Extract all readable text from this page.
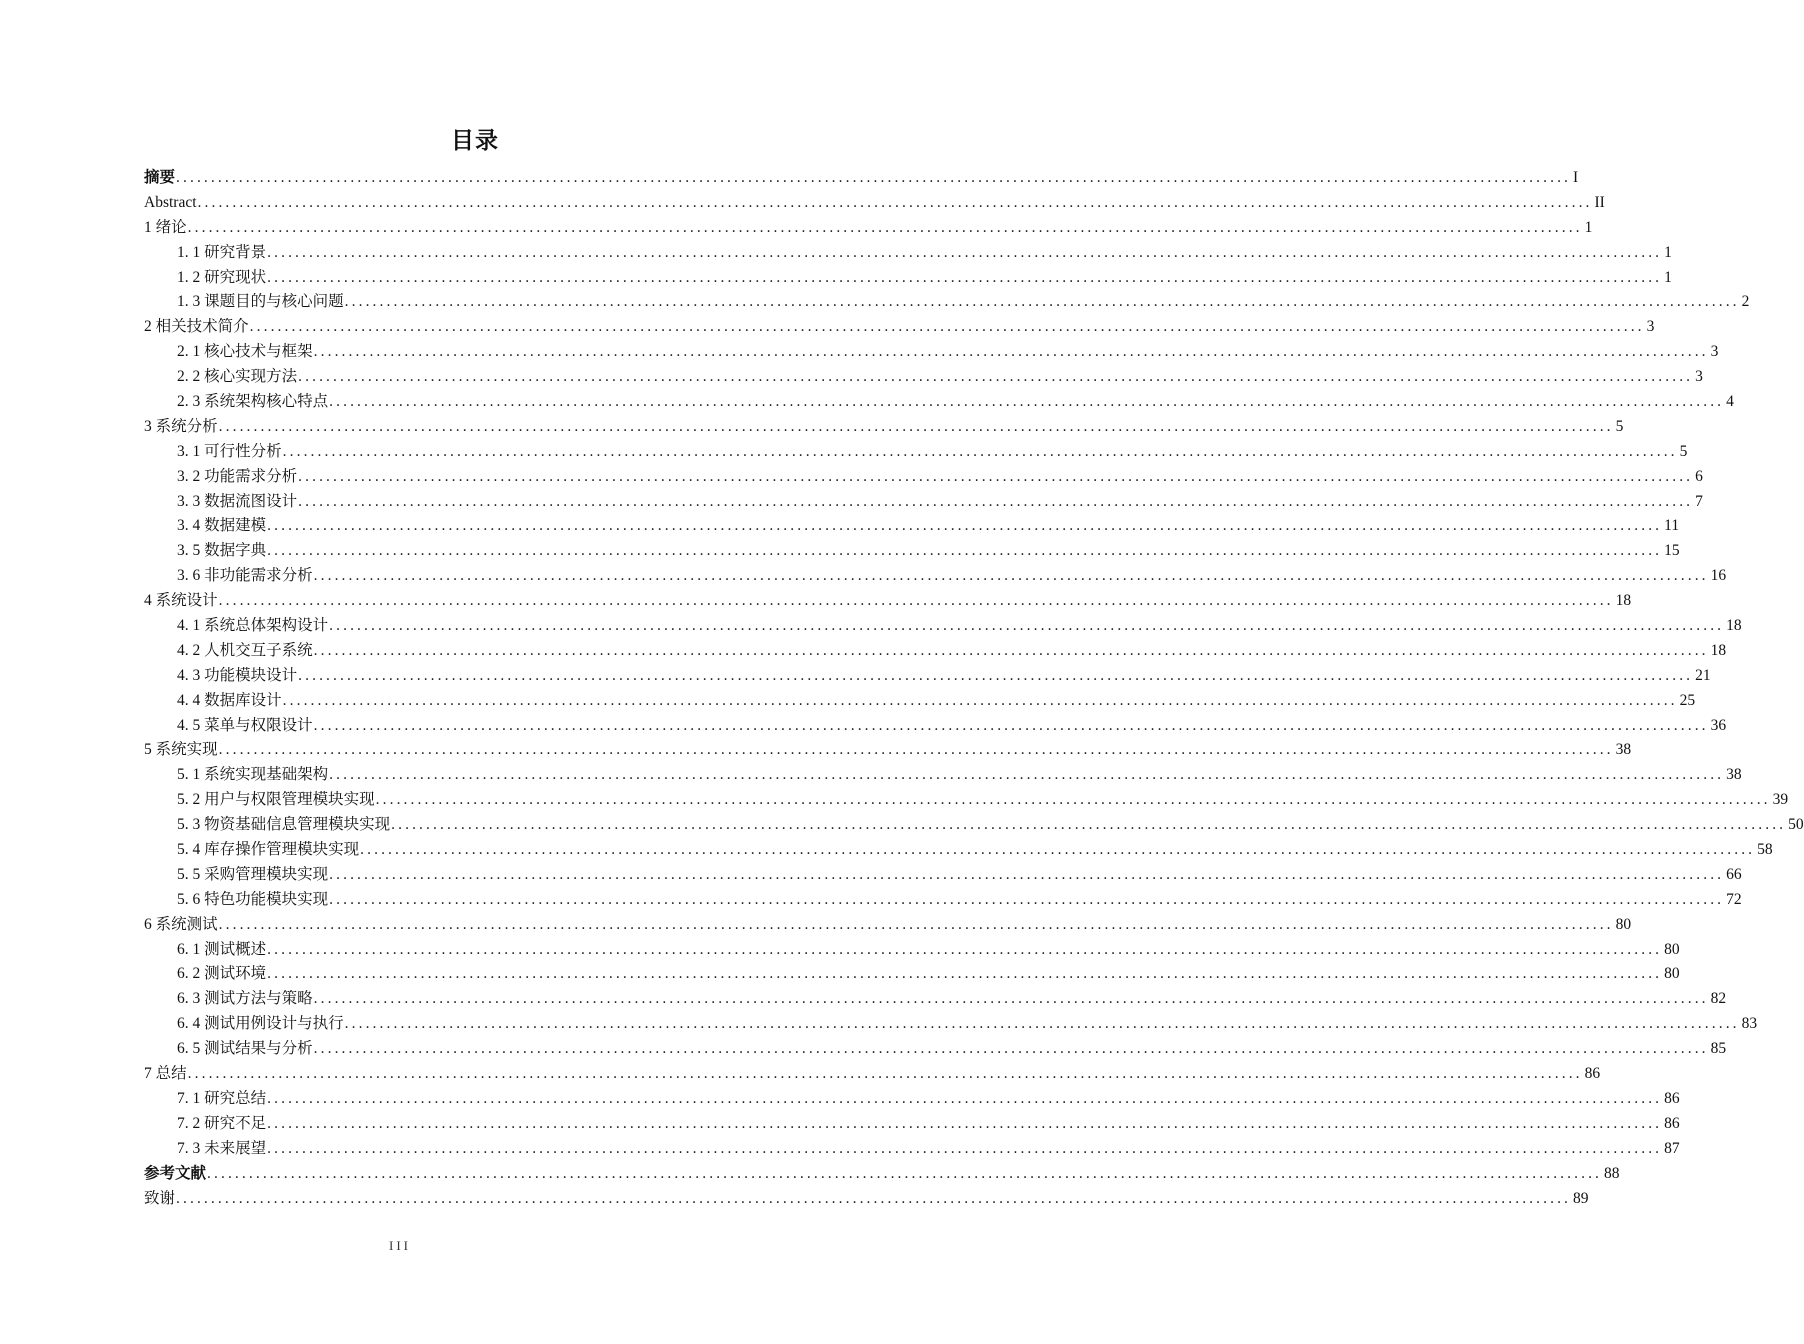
目录
摘要 ........................................................................................................................................................................................................ I
Abstract ........................................................................................................................................................................................................ II
1 绪论 ........................................................................................................................................................................................................ 1
1. 1 研究背景 ........................................................................................................................................................................................................ 1
1. 2 研究现状 ........................................................................................................................................................................................................ 1
1. 3 课题目的与核心问题 ........................................................................................................................................................................................................ 2
2 相关技术简介 ........................................................................................................................................................................................................ 3
2. 1 核心技术与框架 ........................................................................................................................................................................................................ 3
2. 2 核心实现方法 ........................................................................................................................................................................................................ 3
2. 3 系统架构核心特点 ........................................................................................................................................................................................................ 4
3 系统分析 ........................................................................................................................................................................................................ 5
3. 1 可行性分析 ........................................................................................................................................................................................................ 5
3. 2 功能需求分析 ........................................................................................................................................................................................................ 6
3. 3 数据流图设计 ........................................................................................................................................................................................................ 7
3. 4 数据建模 ........................................................................................................................................................................................................ 11
3. 5 数据字典 ........................................................................................................................................................................................................ 15
3. 6 非功能需求分析 ........................................................................................................................................................................................................ 16
4 系统设计 ........................................................................................................................................................................................................ 18
4. 1 系统总体架构设计 ........................................................................................................................................................................................................ 18
4. 2 人机交互子系统 ........................................................................................................................................................................................................ 18
4. 3 功能模块设计 ........................................................................................................................................................................................................ 21
4. 4 数据库设计 ........................................................................................................................................................................................................ 25
4. 5 菜单与权限设计 ........................................................................................................................................................................................................ 36
5 系统实现 ........................................................................................................................................................................................................ 38
5. 1 系统实现基础架构 ........................................................................................................................................................................................................ 38
5. 2 用户与权限管理模块实现 ........................................................................................................................................................................................................ 39
5. 3 物资基础信息管理模块实现 ........................................................................................................................................................................................................ 50
5. 4 库存操作管理模块实现 ........................................................................................................................................................................................................ 58
5. 5 采购管理模块实现 ........................................................................................................................................................................................................ 66
5. 6 特色功能模块实现 ........................................................................................................................................................................................................ 72
6 系统测试 ........................................................................................................................................................................................................ 80
6. 1 测试概述 ........................................................................................................................................................................................................ 80
6. 2 测试环境 ........................................................................................................................................................................................................ 80
6. 3 测试方法与策略 ........................................................................................................................................................................................................ 82
6. 4 测试用例设计与执行 ........................................................................................................................................................................................................ 83
6. 5 测试结果与分析 ........................................................................................................................................................................................................ 85
7 总结 ........................................................................................................................................................................................................ 86
7. 1 研究总结 ........................................................................................................................................................................................................ 86
7. 2 研究不足 ........................................................................................................................................................................................................ 86
7. 3 未来展望 ........................................................................................................................................................................................................ 87
参考文献 ........................................................................................................................................................................................................ 88
致谢 ........................................................................................................................................................................................................ 89
III
